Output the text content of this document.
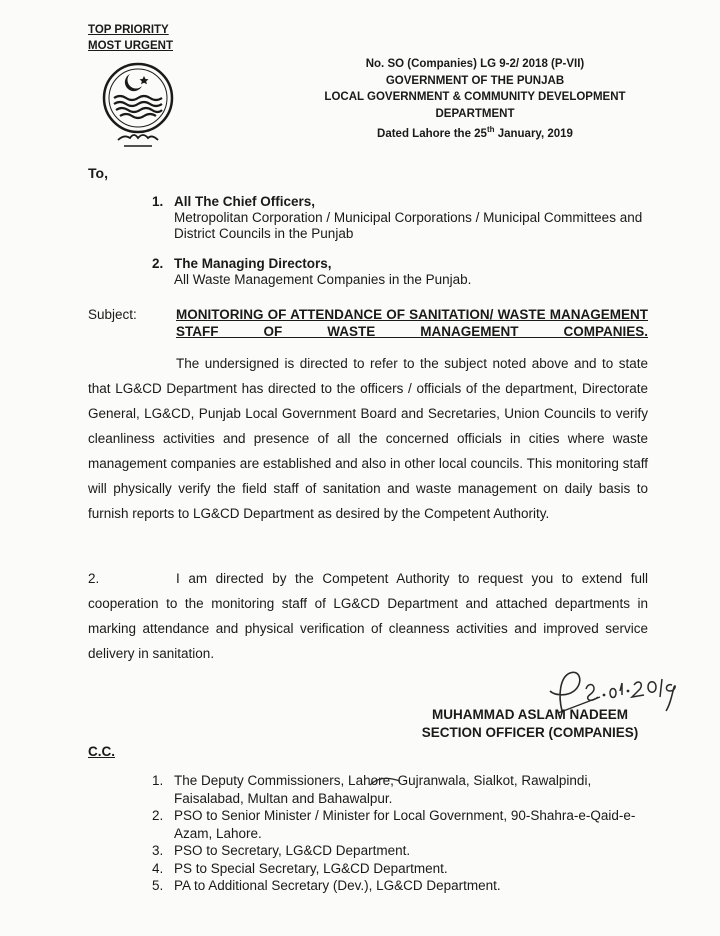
TOP PRIORITY
MOST URGENT
No. SO (Companies) LG 9-2/ 2018 (P-VII)
GOVERNMENT OF THE PUNJAB
LOCAL GOVERNMENT & COMMUNITY DEVELOPMENT
DEPARTMENT
Dated Lahore the 25th January, 2019
To,
1. All The Chief Officers,
Metropolitan Corporation / Municipal Corporations / Municipal Committees and District Councils in the Punjab
2. The Managing Directors,
All Waste Management Companies in the Punjab.
Subject:	MONITORING OF ATTENDANCE OF SANITATION/ WASTE MANAGEMENT STAFF OF WASTE MANAGEMENT COMPANIES.
The undersigned is directed to refer to the subject noted above and to state that LG&CD Department has directed to the officers / officials of the department, Directorate General, LG&CD, Punjab Local Government Board and Secretaries, Union Councils to verify cleanliness activities and presence of all the concerned officials in cities where waste management companies are established and also in other local councils. This monitoring staff will physically verify the field staff of sanitation and waste management on daily basis to furnish reports to LG&CD Department as desired by the Competent Authority.
2.	I am directed by the Competent Authority to request you to extend full cooperation to the monitoring staff of LG&CD Department and attached departments in marking attendance and physical verification of cleanness activities and improved service delivery in sanitation.
MUHAMMAD ASLAM NADEEM
SECTION OFFICER (COMPANIES)
C.C.
1. The Deputy Commissioners, Lahore, Gujranwala, Sialkot, Rawalpindi, Faisalabad, Multan and Bahawalpur.
2. PSO to Senior Minister / Minister for Local Government, 90-Shahra-e-Qaid-e-Azam, Lahore.
3. PSO to Secretary, LG&CD Department.
4. PS to Special Secretary, LG&CD Department.
5. PA to Additional Secretary (Dev.), LG&CD Department.
